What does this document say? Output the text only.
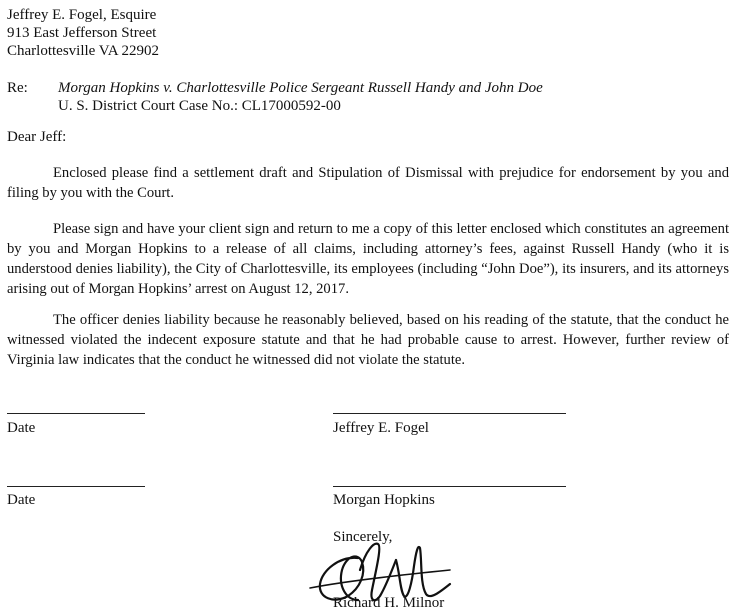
Jeffrey E. Fogel, Esquire
913 East Jefferson Street
Charlottesville VA 22902
Re: Morgan Hopkins v. Charlottesville Police Sergeant Russell Handy and John Doe
U. S. District Court Case No.: CL17000592-00
Dear Jeff:
Enclosed please find a settlement draft and Stipulation of Dismissal with prejudice for endorsement by you and filing by you with the Court.
Please sign and have your client sign and return to me a copy of this letter enclosed which constitutes an agreement by you and Morgan Hopkins to a release of all claims, including attorney’s fees, against Russell Handy (who it is understood denies liability), the City of Charlottesville, its employees (including “John Doe”), its insurers, and its attorneys arising out of Morgan Hopkins’ arrest on August 12, 2017.
The officer denies liability because he reasonably believed, based on his reading of the statute, that the conduct he witnessed violated the indecent exposure statute and that he had probable cause to arrest. However, further review of Virginia law indicates that the conduct he witnessed did not violate the statute.
Date	Jeffrey E. Fogel
Date	Morgan Hopkins
Sincerely,
Richard H. Milnor
